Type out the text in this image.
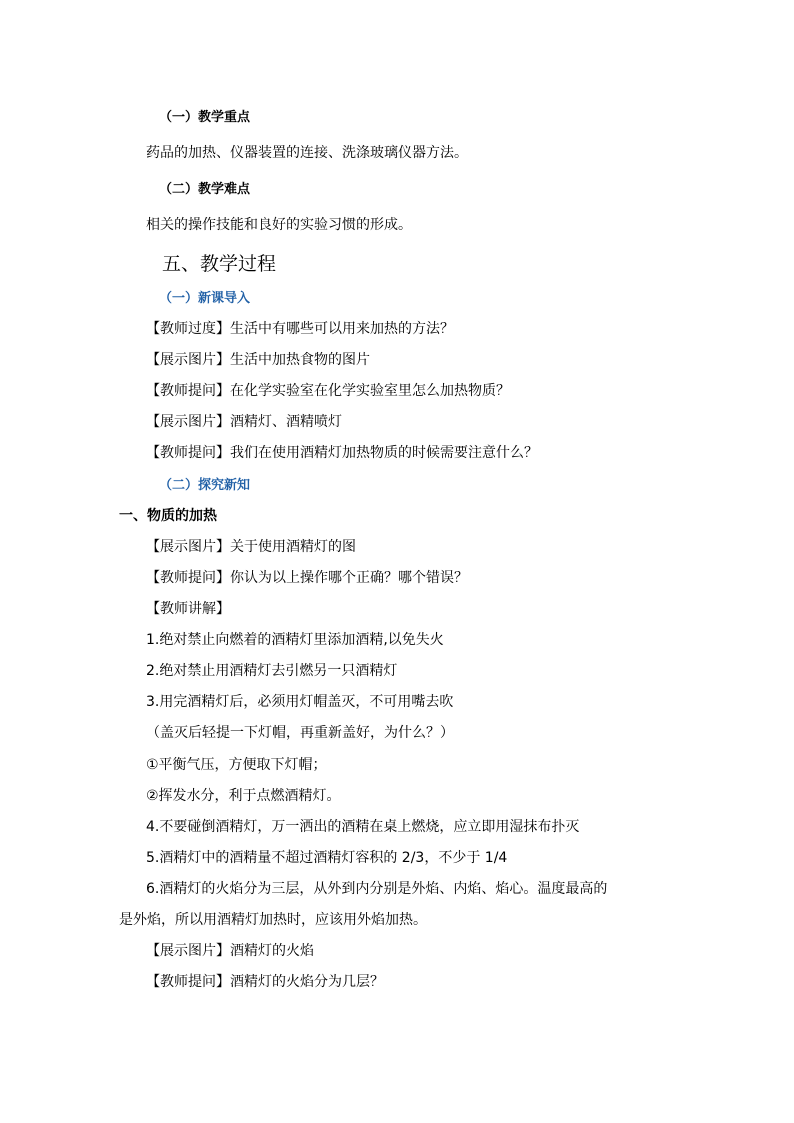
（一）教学重点
药品的加热、仪器装置的连接、洗涤玻璃仪器方法。
（二）教学难点
相关的操作技能和良好的实验习惯的形成。
五、教学过程
（一）新课导入
【教师过度】生活中有哪些可以用来加热的方法？
【展示图片】生活中加热食物的图片
【教师提问】在化学实验室在化学实验室里怎么加热物质？
【展示图片】酒精灯、酒精喷灯
【教师提问】我们在使用酒精灯加热物质的时候需要注意什么？
（二）探究新知
一、物质的加热
【展示图片】关于使用酒精灯的图
【教师提问】你认为以上操作哪个正确？哪个错误？
【教师讲解】
1.绝对禁止向燃着的酒精灯里添加酒精,以免失火
2.绝对禁止用酒精灯去引燃另一只酒精灯
3.用完酒精灯后，必须用灯帽盖灭，不可用嘴去吹
（盖灭后轻提一下灯帽，再重新盖好，为什么？）
①平衡气压，方便取下灯帽；
②挥发水分，利于点燃酒精灯。
4.不要碰倒酒精灯，万一洒出的酒精在桌上燃烧，应立即用湿抹布扑灭
5.酒精灯中的酒精量不超过酒精灯容积的 2/3，不少于 1/4
6.酒精灯的火焰分为三层，从外到内分别是外焰、内焰、焰心。温度最高的
是外焰，所以用酒精灯加热时，应该用外焰加热。
【展示图片】酒精灯的火焰
【教师提问】酒精灯的火焰分为几层？
